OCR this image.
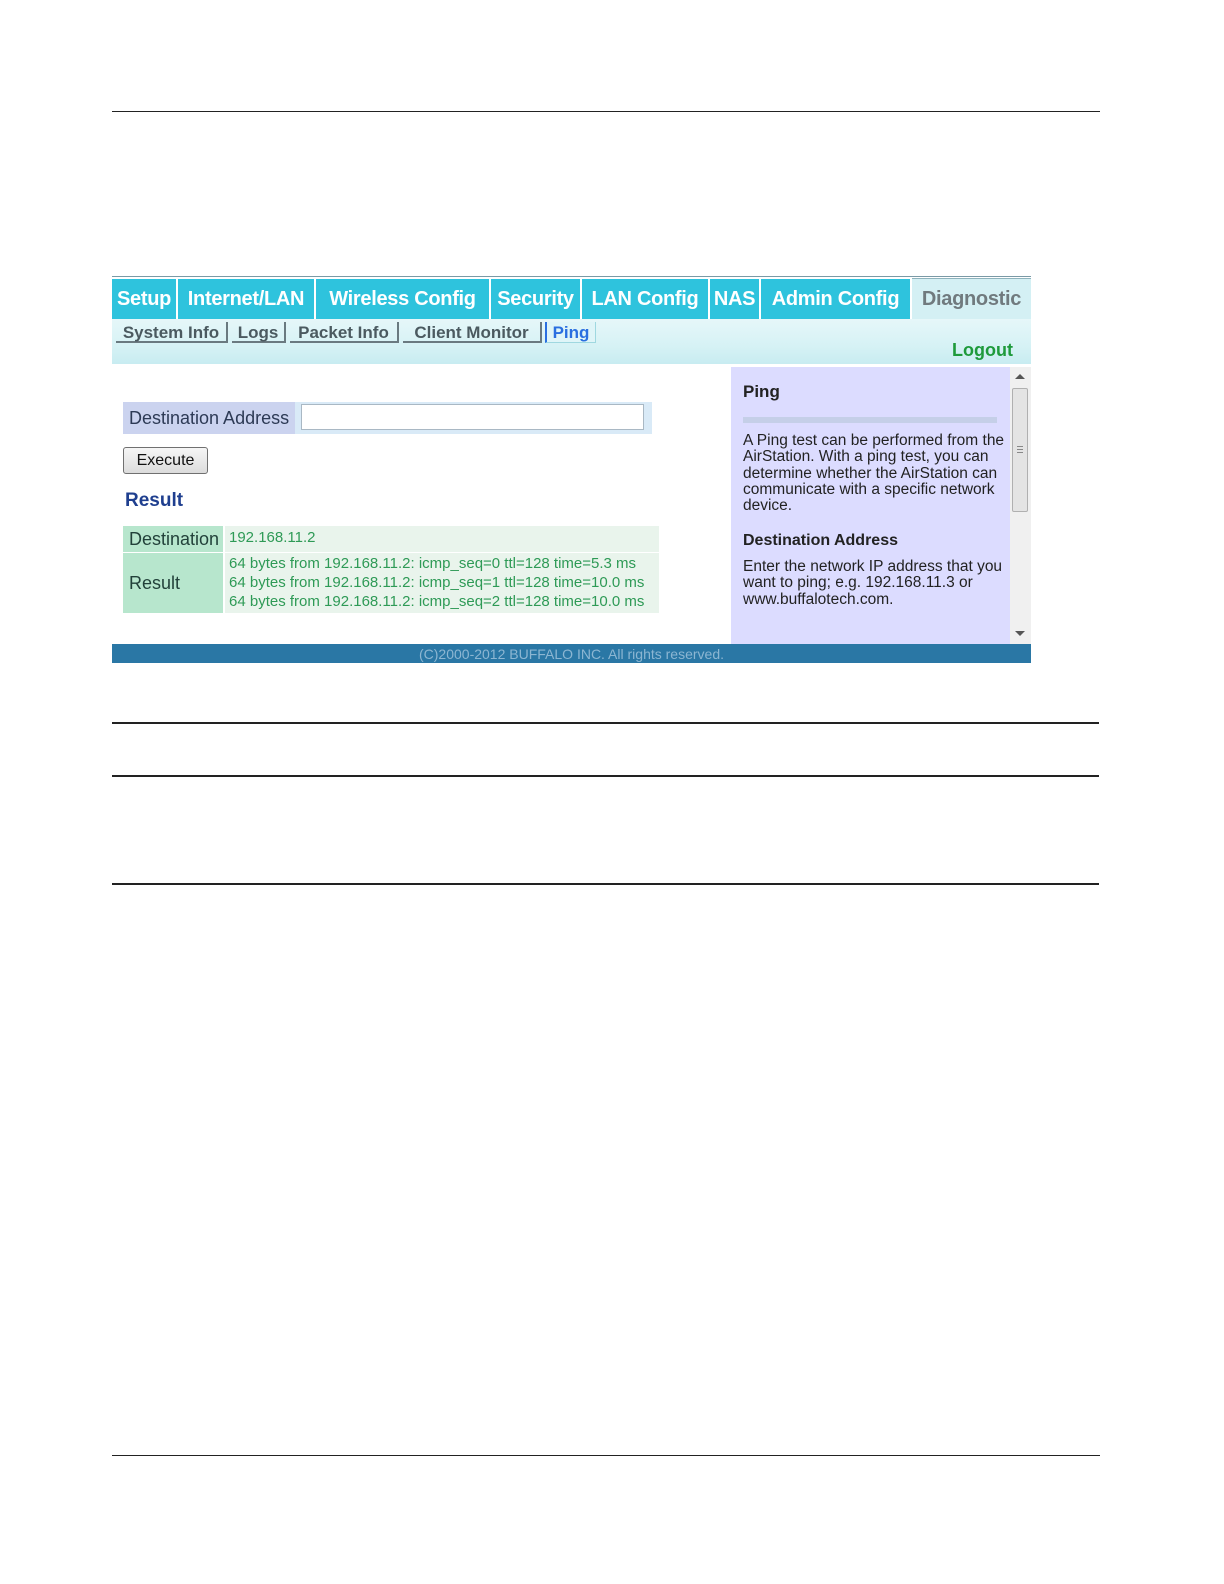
Setup Internet/LAN	Wireless Config	Security LAN Config NAS Admin Config	Diagnostic
System Info	Logs	Packet Info	Client Monitor	Ping
Logout
Destination Address
Execute
Result
Destination 192.168.11.2
Result
64 bytes from 192.168.11.2: icmp_seq=0 ttl=128 time=5.3 ms
64 bytes from 192.168.11.2: icmp_seq=1 ttl=128 time=10.0 ms
64 bytes from 192.168.11.2: icmp_seq=2 ttl=128 time=10.0 ms
Ping
A Ping test can be performed from the AirStation. With a ping test, you can determine whether the AirStation can communicate with a specific network device.
Destination Address
Enter the network IP address that you want to ping; e.g. 192.168.11.3 or www.buffalotech.com.
(C)2000-2012 BUFFALO INC. All rights reserved.
